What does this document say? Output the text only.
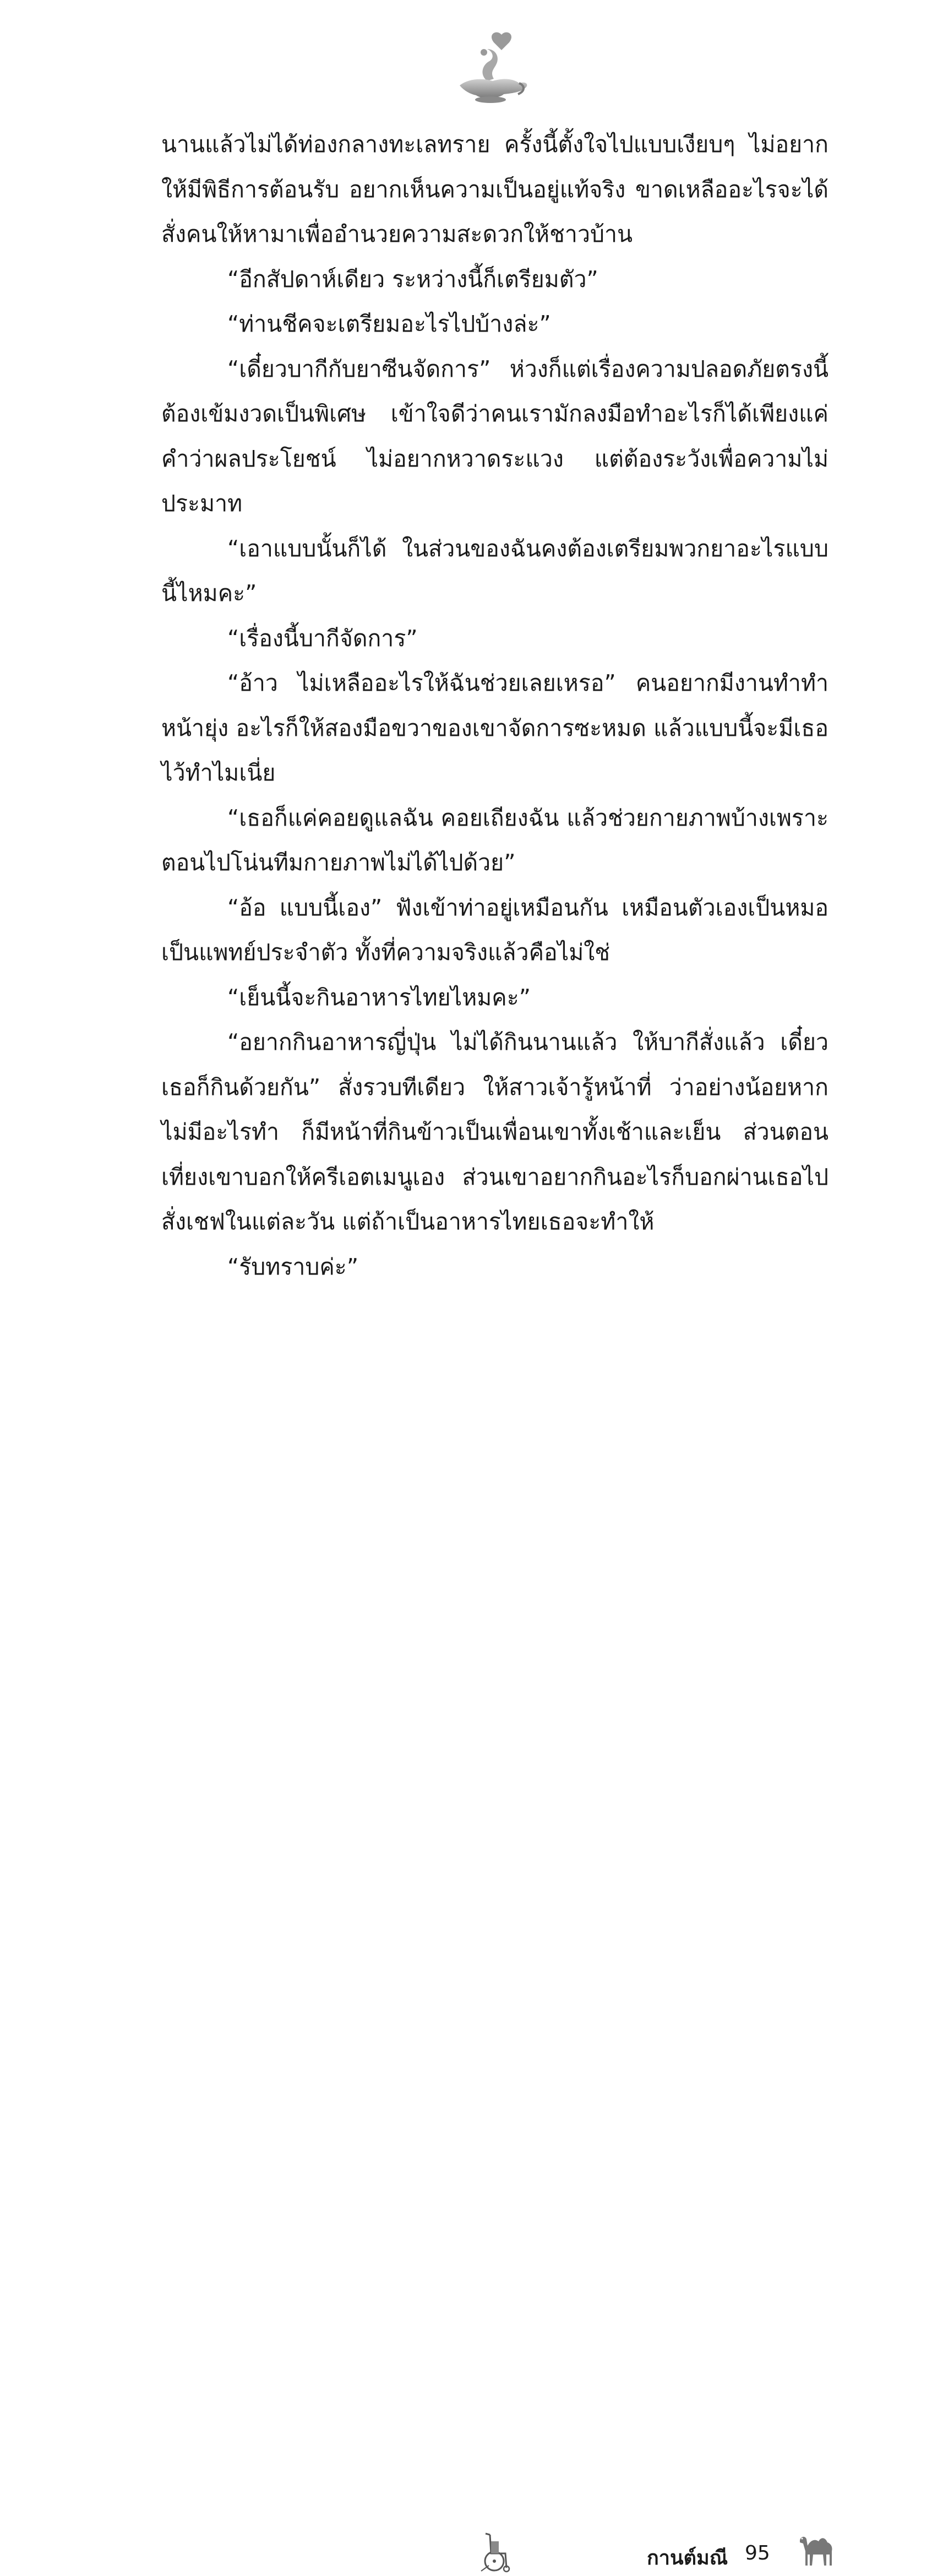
นานแล้วไม่ได้ท่องกลางทะเลทราย ครั้งนี้ตั้งใจไปแบบเงียบๆ ไม่อยากให้มีพิธีการต้อนรับ อยากเห็นความเป็นอยู่แท้จริง ขาดเหลืออะไรจะได้สั่งคนให้หามาเพื่ออำนวยความสะดวกให้ชาวบ้าน

“อีกสัปดาห์เดียว ระหว่างนี้ก็เตรียมตัว”

“ท่านชีคจะเตรียมอะไรไปบ้างล่ะ”

“เดี๋ยวบากีกับยาซีนจัดการ” ห่วงก็แต่เรื่องความปลอดภัยตรงนี้ต้องเข้มงวดเป็นพิเศษ เข้าใจดีว่าคนเรามักลงมือทำอะไรก็ได้เพียงแค่คำว่าผลประโยชน์ ไม่อยากหวาดระแวง แต่ต้องระวังเพื่อความไม่ประมาท

“เอาแบบนั้นก็ได้ ในส่วนของฉันคงต้องเตรียมพวกยาอะไรแบบนี้ไหมคะ”

“เรื่องนี้บากีจัดการ”

“อ้าว ไม่เหลืออะไรให้ฉันช่วยเลยเหรอ” คนอยากมีงานทำทำหน้ายุ่ง อะไรก็ให้สองมือขวาของเขาจัดการซะหมด แล้วแบบนี้จะมีเธอไว้ทำไมเนี่ย

“เธอก็แค่คอยดูแลฉัน คอยเถียงฉัน แล้วช่วยกายภาพบ้างเพราะตอนไปโน่นทีมกายภาพไม่ได้ไปด้วย”

“อ้อ แบบนี้เอง” ฟังเข้าท่าอยู่เหมือนกัน เหมือนตัวเองเป็นหมอเป็นแพทย์ประจำตัว ทั้งที่ความจริงแล้วคือไม่ใช่

“เย็นนี้จะกินอาหารไทยไหมคะ”

“อยากกินอาหารญี่ปุ่น ไม่ได้กินนานแล้ว ให้บากีสั่งแล้ว เดี๋ยวเธอก็กินด้วยกัน” สั่งรวบทีเดียว ให้สาวเจ้ารู้หน้าที่ ว่าอย่างน้อยหากไม่มีอะไรทำ ก็มีหน้าที่กินข้าวเป็นเพื่อนเขาทั้งเช้าและเย็น ส่วนตอนเที่ยงเขาบอกให้ครีเอตเมนูเอง ส่วนเขาอยากกินอะไรก็บอกผ่านเธอไปสั่งเชฟในแต่ละวัน แต่ถ้าเป็นอาหารไทยเธอจะทำให้

“รับทราบค่ะ”

กานต์มณี 95
